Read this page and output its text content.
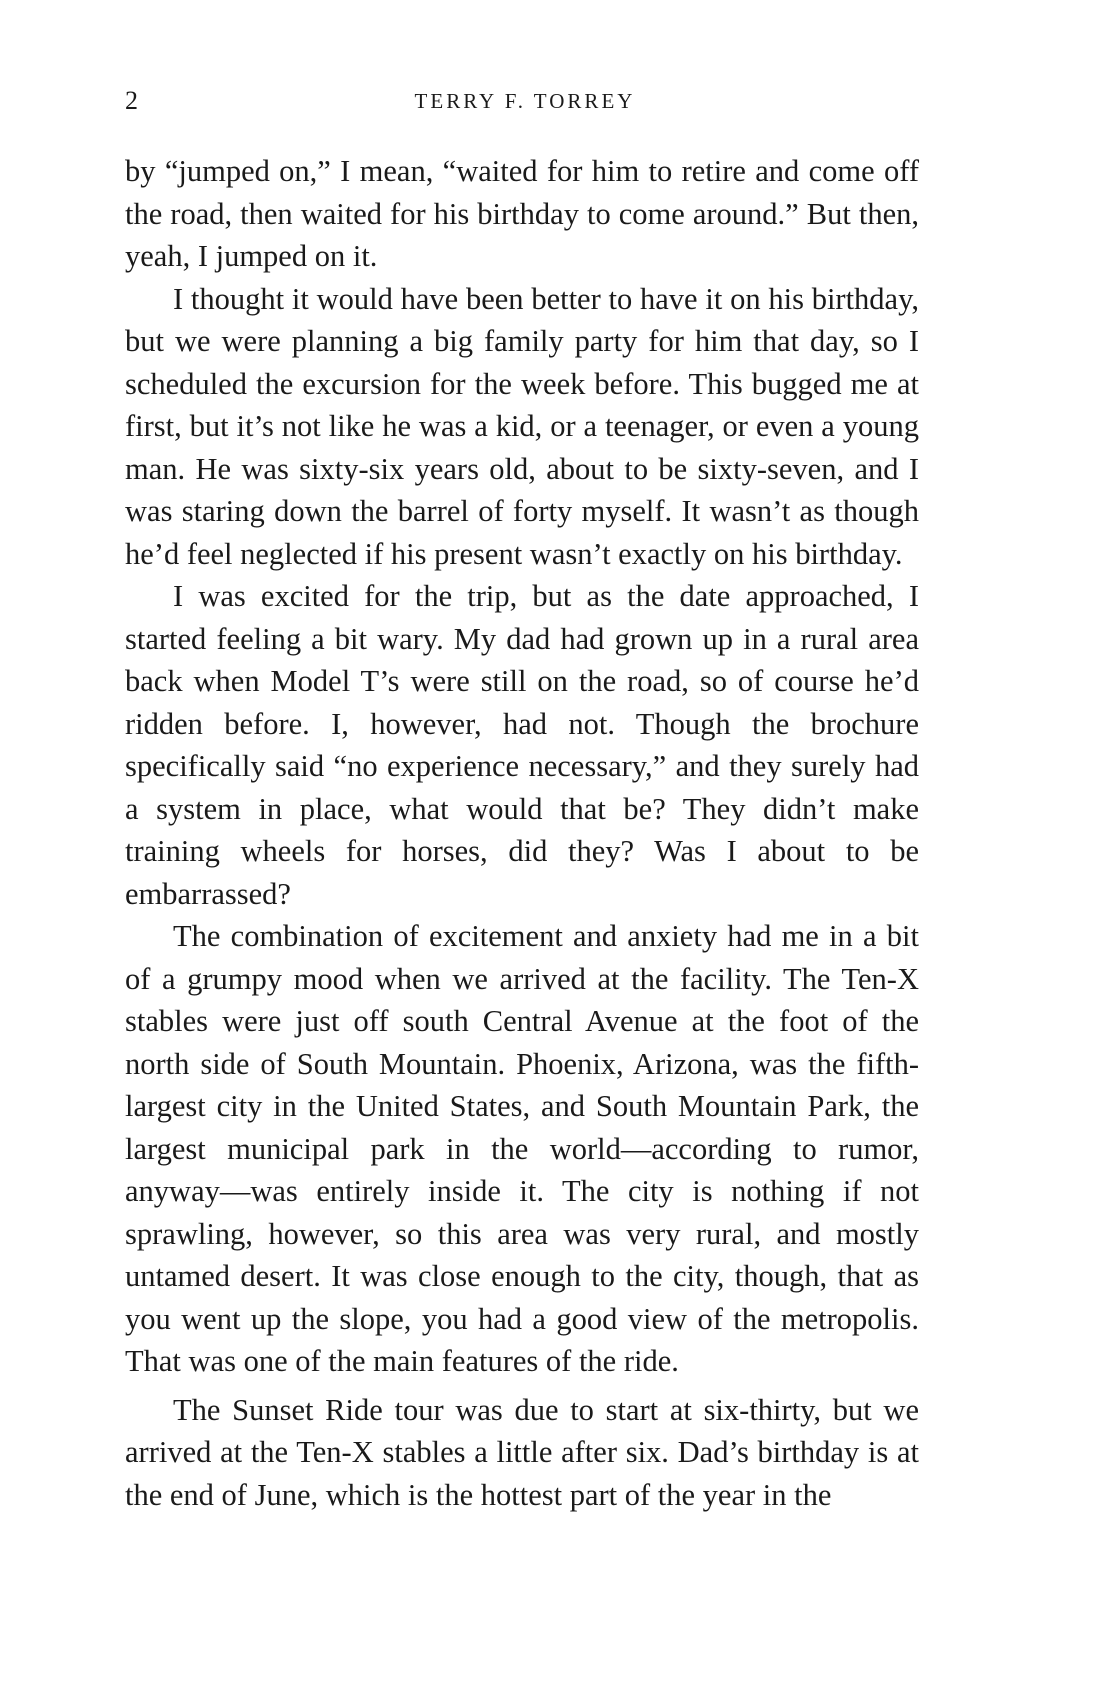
2	TERRY F. TORREY

by “jumped on,” I mean, “waited for him to retire and come off the road, then waited for his birthday to come around.” But then, yeah, I jumped on it.

I thought it would have been better to have it on his birthday, but we were planning a big family party for him that day, so I scheduled the excursion for the week before. This bugged me at first, but it’s not like he was a kid, or a teenager, or even a young man. He was sixty-six years old, about to be sixty-seven, and I was staring down the barrel of forty myself. It wasn’t as though he’d feel neglected if his present wasn’t exactly on his birthday.

I was excited for the trip, but as the date approached, I started feeling a bit wary. My dad had grown up in a rural area back when Model T’s were still on the road, so of course he’d ridden before. I, however, had not. Though the brochure specifically said “no experience necessary,” and they surely had a system in place, what would that be? They didn’t make training wheels for horses, did they? Was I about to be embarrassed?

The combination of excitement and anxiety had me in a bit of a grumpy mood when we arrived at the facility. The Ten-X stables were just off south Central Avenue at the foot of the north side of South Mountain. Phoenix, Arizona, was the fifth-largest city in the United States, and South Mountain Park, the largest municipal park in the world—according to rumor, anyway—was entirely inside it. The city is nothing if not sprawling, however, so this area was very rural, and mostly untamed desert. It was close enough to the city, though, that as you went up the slope, you had a good view of the metropolis. That was one of the main features of the ride.

The Sunset Ride tour was due to start at six-thirty, but we arrived at the Ten-X stables a little after six. Dad’s birthday is at the end of June, which is the hottest part of the year in the
